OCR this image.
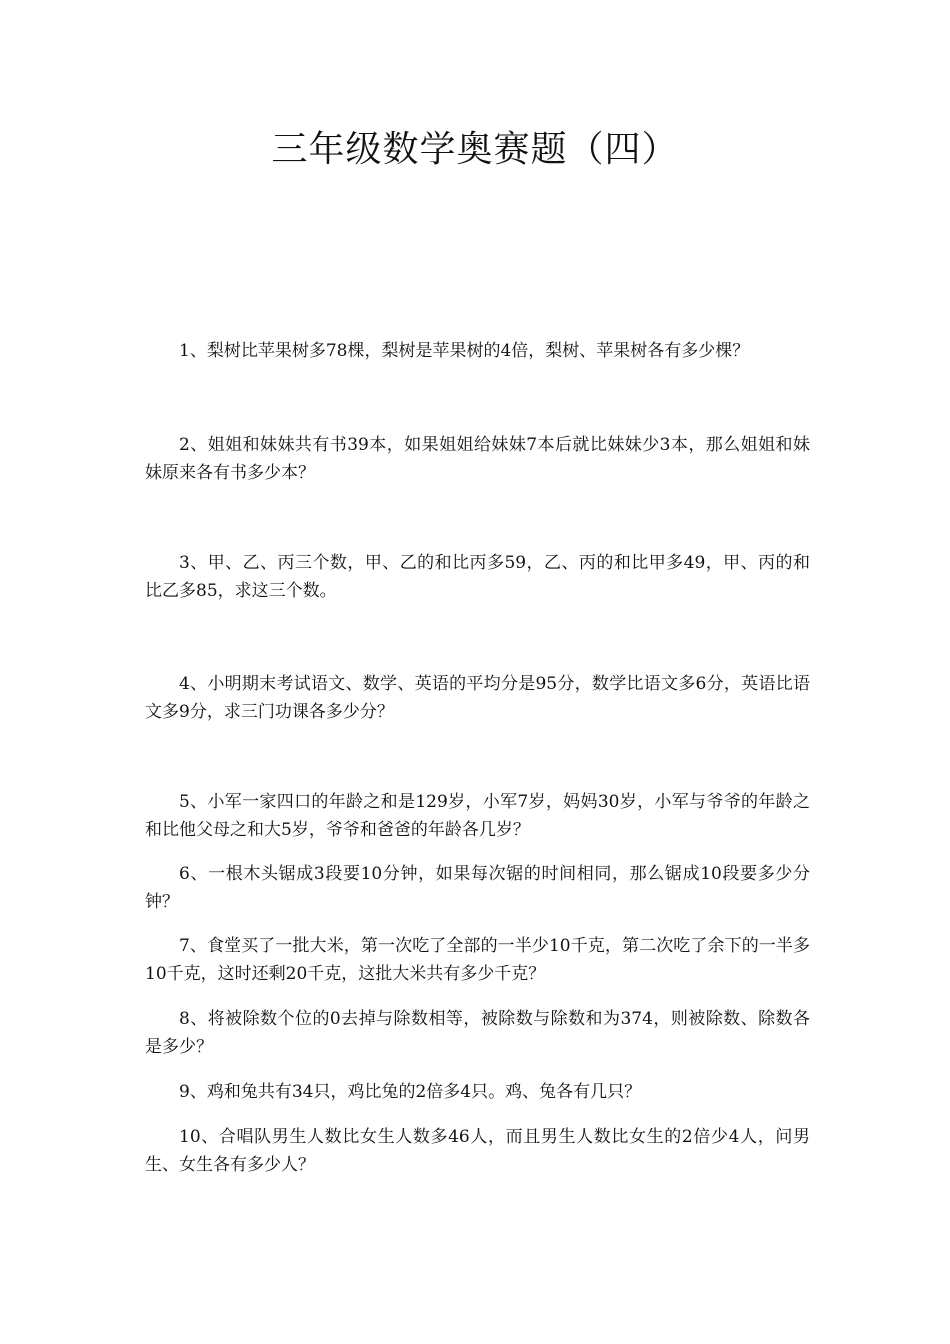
三年级数学奥赛题（四）

1、梨树比苹果树多78棵，梨树是苹果树的4倍，梨树、苹果树各有多少棵？

2、姐姐和妹妹共有书39本，如果姐姐给妹妹7本后就比妹妹少3本，那么姐姐和妹妹原来各有书多少本？

3、甲、乙、丙三个数，甲、乙的和比丙多59，乙、丙的和比甲多49，甲、丙的和比乙多85，求这三个数。

4、小明期末考试语文、数学、英语的平均分是95分，数学比语文多6分，英语比语文多9分，求三门功课各多少分？

5、小军一家四口的年龄之和是129岁，小军7岁，妈妈30岁，小军与爷爷的年龄之和比他父母之和大5岁，爷爷和爸爸的年龄各几岁？

6、一根木头锯成3段要10分钟，如果每次锯的时间相同，那么锯成10段要多少分钟？

7、食堂买了一批大米，第一次吃了全部的一半少10千克，第二次吃了余下的一半多10千克，这时还剩20千克，这批大米共有多少千克？

8、将被除数个位的0去掉与除数相等，被除数与除数和为374，则被除数、除数各是多少？

9、鸡和兔共有34只，鸡比兔的2倍多4只。鸡、兔各有几只？

10、合唱队男生人数比女生人数多46人，而且男生人数比女生的2倍少4人，问男生、女生各有多少人？
